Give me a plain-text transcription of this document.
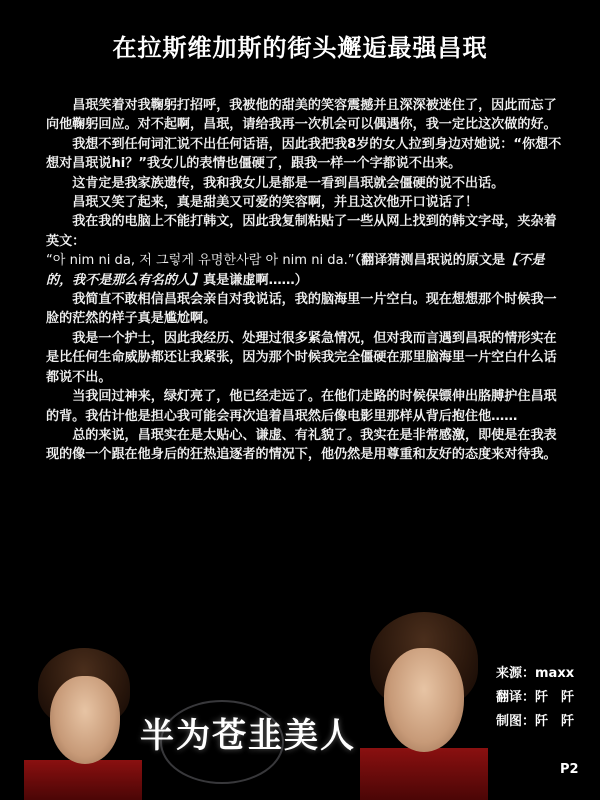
在拉斯维加斯的街头邂逅最强昌珉

昌珉笑着对我鞠躬打招呼，我被他的甜美的笑容震撼并且深深被迷住了，因此而忘了向他鞠躬回应。对不起啊，昌珉，请给我再一次机会可以偶遇你，我一定比这次做的好。

我想不到任何词汇说不出任何话语，因此我把我8岁的女人拉到身边对她说：“你想不想对昌珉说hi？”我女儿的表情也僵硬了，跟我一样一个字都说不出来。

这肯定是我家族遗传，我和我女儿是都是一看到昌珉就会僵硬的说不出话。

昌珉又笑了起来，真是甜美又可爱的笑容啊，并且这次他开口说话了！

我在我的电脑上不能打韩文，因此我复制粘贴了一些从网上找到的韩文字母，夹杂着英文：

“아 nim ni da, 저 그렇게 유명한사람 아 nim ni da.”（翻译猜测昌珉说的原文是【不是的，我不是那么有名的人】真是谦虚啊……）

我简直不敢相信昌珉会亲自对我说话，我的脑海里一片空白。现在想想那个时候我一脸的茫然的样子真是尴尬啊。

我是一个护士，因此我经历、处理过很多紧急情况，但对我而言遇到昌珉的情形实在是比任何生命威胁都还让我紧张，因为那个时候我完全僵硬在那里脑海里一片空白什么话都说不出。

当我回过神来，绿灯亮了，他已经走远了。在他们走路的时候保镖伸出胳膊护住昌珉的背。我估计他是担心我可能会再次追着昌珉然后像电影里那样从背后抱住他……

总的来说，昌珉实在是太贴心、谦虚、有礼貌了。我实在是非常感激，即使是在我表现的像一个跟在他身后的狂热追逐者的情况下，他仍然是用尊重和友好的态度来对待我。

半为苍韭美人
来源：maxx
翻译：阡　阡
制图：阡　阡
P2
